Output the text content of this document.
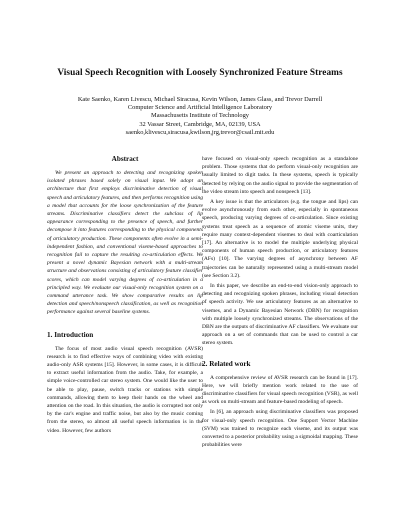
Visual Speech Recognition with Loosely Synchronized Feature Streams
Kate Saenko, Karen Livescu, Michael Siracusa, Kevin Wilson, James Glass, and Trevor Darrell
Computer Science and Artificial Intelligence Laboratory
Massachusetts Institute of Technology
32 Vassar Street, Cambridge, MA, 02139, USA
saenko,klivescu,siracusa,kwilson,jrg,trevor@csail.mit.edu
Abstract

We present an approach to detecting and recognizing spoken isolated phrases based solely on visual input. We adopt an architecture that first employs discriminative detection of visual speech and articulatory features, and then performs recognition using a model that accounts for the loose synchronization of the feature streams. Discriminative classifiers detect the subclass of lip appearance corresponding to the presence of speech, and further decompose it into features corresponding to the physical components of articulatory production. These components often evolve in a semi-independent fashion, and conventional viseme-based approaches to recognition fail to capture the resulting co-articulation effects. We present a novel dynamic Bayesian network with a multi-stream structure and observations consisting of articulatory feature classifier scores, which can model varying degrees of co-articulation in a principled way. We evaluate our visual-only recognition system on a command utterance task. We show comparative results on lip detection and speech/nonspeech classification, as well as recognition performance against several baseline systems.

1. Introduction

The focus of most audio visual speech recognition (AVSR) research is to find effective ways of combining video with existing audio-only ASR systems [15]. However, in some cases, it is difficult to extract useful information from the audio. Take, for example, a simple voice-controlled car stereo system. One would like the user to be able to play, pause, switch tracks or stations with simple commands, allowing them to keep their hands on the wheel and attention on the road. In this situation, the audio is corrupted not only by the car's engine and traffic noise, but also by the music coming from the stereo, so almost all useful speech information is in the video. However, few authors

have focused on visual-only speech recognition as a standalone problem. Those systems that do perform visual-only recognition are usually limited to digit tasks. In these systems, speech is typically detected by relying on the audio signal to provide the segmentation of the video stream into speech and nonspeech [13].

A key issue is that the articulators (e.g. the tongue and lips) can evolve asynchronously from each other, especially in spontaneous speech, producing varying degrees of co-articulation. Since existing systems treat speech as a sequence of atomic viseme units, they require many context-dependent visemes to deal with coarticulation [17]. An alternative is to model the multiple underlying physical components of human speech production, or articulatory features (AFs) [10]. The varying degrees of asynchrony between AF trajectories can be naturally represented using a multi-stream model (see Section 3.2).

In this paper, we describe an end-to-end vision-only approach to detecting and recognizing spoken phrases, including visual detection of speech activity. We use articulatory features as an alternative to visemes, and a Dynamic Bayesian Network (DBN) for recognition with multiple loosely synchronized streams. The observations of the DBN are the outputs of discriminative AF classifiers. We evaluate our approach on a set of commands that can be used to control a car stereo system.

2. Related work

A comprehensive review of AVSR research can be found in [17]. Here, we will briefly mention work related to the use of discriminative classifiers for visual speech recognition (VSR), as well as work on multi-stream and feature-based modeling of speech.

In [6], an approach using discriminative classifiers was proposed for visual-only speech recognition. One Support Vector Machine (SVM) was trained to recognize each viseme, and its output was converted to a posterior probability using a sigmoidal mapping. These probabilities were
